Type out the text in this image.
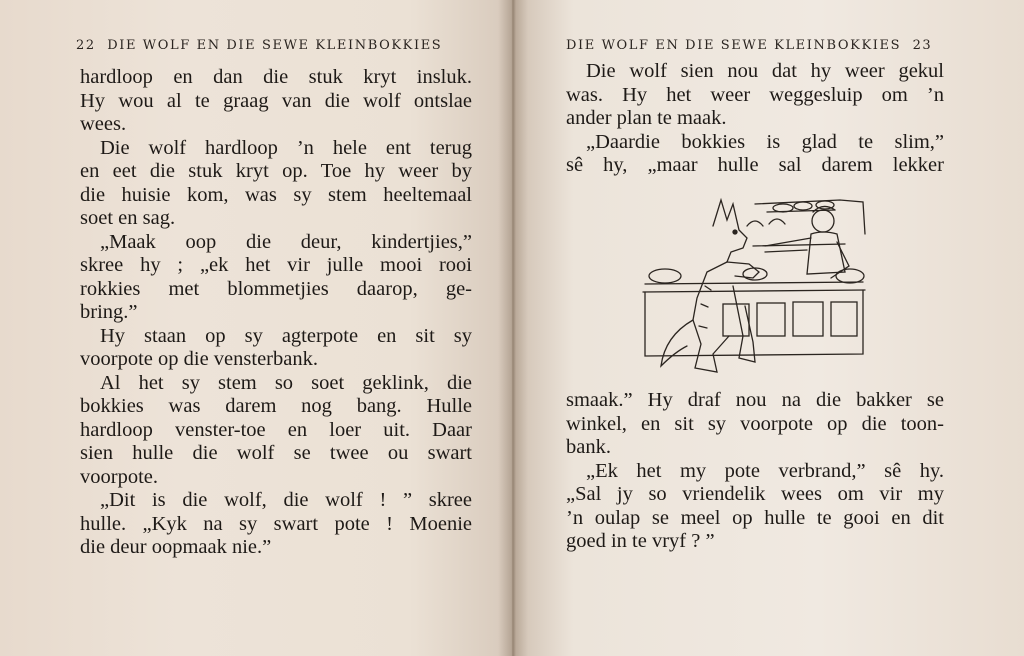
22 DIE WOLF EN DIE SEWE KLEINBOKKIES
hardloop en dan die stuk kryt insluk.
Hy wou al te graag van die wolf ontslae
wees.
Die wolf hardloop ’n hele ent terug
en eet die stuk kryt op. Toe hy weer by
die huisie kom, was sy stem heeltemaal
soet en sag.
„Maak oop die deur, kindertjies,”
skree hy ; „ek het vir julle mooi rooi
rokkies met blommetjies daarop, ge-
bring.”
Hy staan op sy agterpote en sit sy
voorpote op die vensterbank.
Al het sy stem so soet geklink, die
bokkies was darem nog bang. Hulle
hardloop venster-toe en loer uit. Daar
sien hulle die wolf se twee ou swart
voorpote.
„Dit is die wolf, die wolf ! ” skree
hulle. „Kyk na sy swart pote ! Moenie
die deur oopmaak nie.”
DIE WOLF EN DIE SEWE KLEINBOKKIES 23
Die wolf sien nou dat hy weer gekul
was. Hy het weer weggesluip om ’n
ander plan te maak.
„Daardie bokkies is glad te slim,”
sê hy, „maar hulle sal darem lekker
smaak.” Hy draf nou na die bakker se
winkel, en sit sy voorpote op die toon-
bank.
„Ek het my pote verbrand,” sê hy.
„Sal jy so vriendelik wees om vir my
’n oulap se meel op hulle te gooi en dit
goed in te vryf ? ”
